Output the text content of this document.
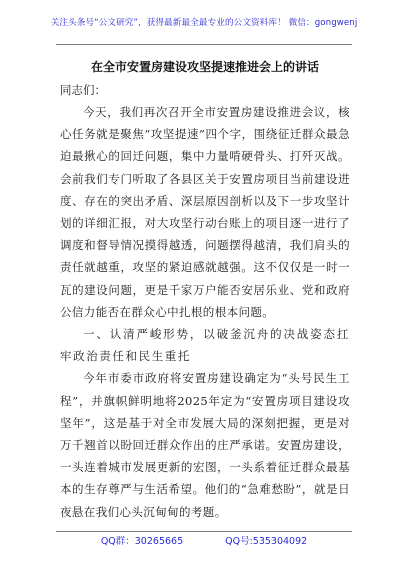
关注头条号“公文研究”，获得最新最全最专业的公文资料库！ 微信：gongwenj
在全市安置房建设攻坚提速推进会上的讲话

同志们：

今天，我们再次召开全市安置房建设推进会议，核心任务就是聚焦“攻坚提速”四个字，围绕征迁群众最急迫最揪心的回迁问题，集中力量啃硬骨头、打歼灭战。会前我们专门听取了各县区关于安置房项目当前建设进度、存在的突出矛盾、深层原因剖析以及下一步攻坚计划的详细汇报，对大攻坚行动台账上的项目逐一进行了调度和督导情况摸得越透，问题摆得越清，我们肩头的责任就越重，攻坚的紧迫感就越强。这不仅仅是一时一瓦的建设问题，更是千家万户能否安居乐业、党和政府公信力能否在群众心中扎根的根本问题。

一、认清严峻形势，以破釜沉舟的决战姿态扛牢政治责任和民生重托

今年市委市政府将安置房建设确定为“头号民生工程”，并旗帜鲜明地将2025年定为“安置房项目建设攻坚年”，这是基于对全市发展大局的深刻把握，更是对万千翘首以盼回迁群众作出的庄严承诺。安置房建设，一头连着城市发展更新的宏图，一头系着征迁群众最基本的生存尊严与生活希望。他们的“急难愁盼”，就是日夜悬在我们心头沉甸甸的考题。

QQ群：30265665	QQ号:535304092
